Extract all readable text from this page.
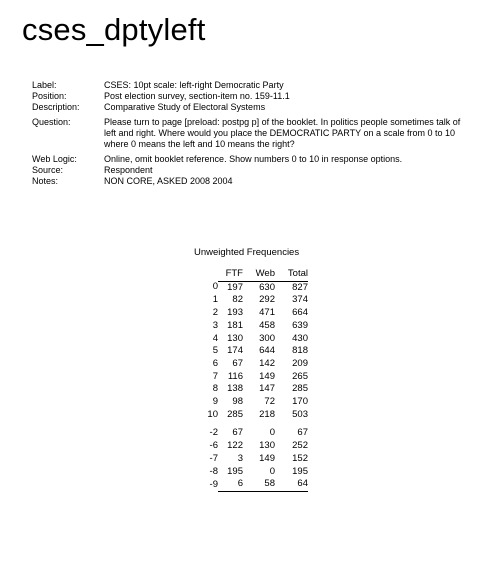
cses_dptyleft
Label:	CSES: 10pt scale: left-right Democratic Party
Position:	Post election survey, section-item no. 159-11.1
Description:	Comparative Study of Electoral Systems
Question:	Please turn to page [preload: postpg p] of the booklet. In politics people sometimes talk of left and right. Where would you place the DEMOCRATIC PARTY on a scale from 0 to 10 where 0 means the left and 10 means the right?
Web Logic:	Online, omit booklet reference. Show numbers 0 to 10 in response options.
Source:	Respondent
Notes:	NON CORE, ASKED 2008 2004
Unweighted Frequencies
	FTF	Web	Total
0	197	630	827
1	82	292	374
2	193	471	664
3	181	458	639
4	130	300	430
5	174	644	818
6	67	142	209
7	116	149	265
8	138	147	285
9	98	72	170
10	285	218	503

-2	67	0	67
-6	122	130	252
-7	3	149	152
-8	195	0	195
-9	6	58	64
